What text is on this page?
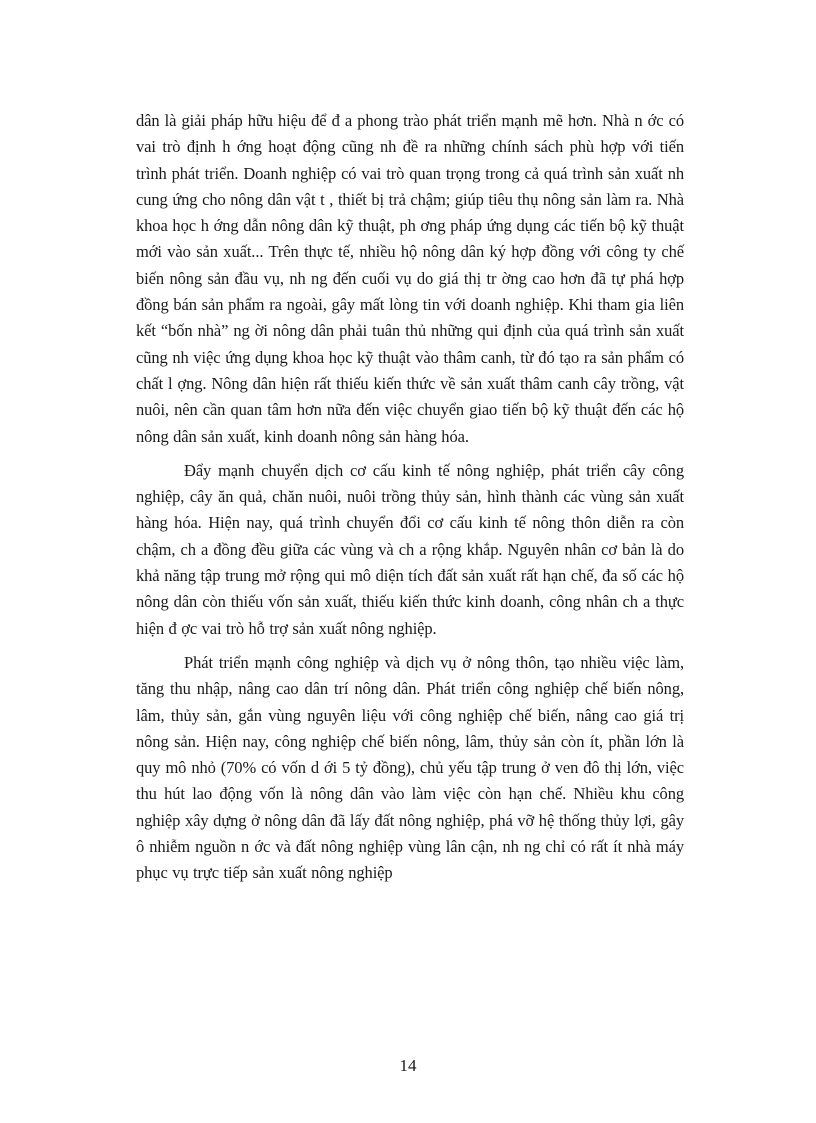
dân là giải pháp hữu hiệu để đ a phong trào phát triển mạnh mẽ hơn. Nhà n ớc có vai trò định h ớng hoạt động cũng nh đề ra những chính sách phù hợp với tiến trình phát triển. Doanh nghiệp có vai trò quan trọng trong cả quá trình sản xuất nh cung ứng cho nông dân vật t , thiết bị trả chậm; giúp tiêu thụ nông sản làm ra. Nhà khoa học h ớng dẫn nông dân kỹ thuật, ph ơng pháp ứng dụng các tiến bộ kỹ thuật mới vào sản xuất... Trên thực tế, nhiều hộ nông dân ký hợp đồng với công ty chế biến nông sản đầu vụ, nh ng đến cuối vụ do giá thị tr ờng cao hơn đã tự phá hợp đồng bán sản phẩm ra ngoài, gây mất lòng tin với doanh nghiệp. Khi tham gia liên kết “bốn nhà” ng ời nông dân phải tuân thủ những qui định của quá trình sản xuất cũng nh việc ứng dụng khoa học kỹ thuật vào thâm canh, từ đó tạo ra sản phẩm có chất l ợng. Nông dân hiện rất thiếu kiến thức về sản xuất thâm canh cây trồng, vật nuôi, nên cần quan tâm hơn nữa đến việc chuyển giao tiến bộ kỹ thuật đến các hộ nông dân sản xuất, kinh doanh nông sản hàng hóa.

Đẩy mạnh chuyển dịch cơ cấu kinh tế nông nghiệp, phát triển cây công nghiệp, cây ăn quả, chăn nuôi, nuôi trồng thủy sản, hình thành các vùng sản xuất hàng hóa. Hiện nay, quá trình chuyển đổi cơ cấu kinh tế nông thôn diễn ra còn chậm, ch a đồng đều giữa các vùng và ch a rộng khắp. Nguyên nhân cơ bản là do khả năng tập trung mở rộng qui mô diện tích đất sản xuất rất hạn chế, đa số các hộ nông dân còn thiếu vốn sản xuất, thiếu kiến thức kinh doanh, công nhân ch a thực hiện đ ợc vai trò hỗ trợ sản xuất nông nghiệp.

Phát triển mạnh công nghiệp và dịch vụ ở nông thôn, tạo nhiều việc làm, tăng thu nhập, nâng cao dân trí nông dân. Phát triển công nghiệp chế biến nông, lâm, thủy sản, gắn vùng nguyên liệu với công nghiệp chế biến, nâng cao giá trị nông sản. Hiện nay, công nghiệp chế biến nông, lâm, thủy sản còn ít, phần lớn là quy mô nhỏ (70% có vốn d ới 5 tỷ đồng), chủ yếu tập trung ở ven đô thị lớn, việc thu hút lao động vốn là nông dân vào làm việc còn hạn chế. Nhiều khu công nghiệp xây dựng ở nông dân đã lấy đất nông nghiệp, phá vỡ hệ thống thủy lợi, gây ô nhiễm nguồn n ớc và đất nông nghiệp vùng lân cận, nh ng chỉ có rất ít nhà máy phục vụ trực tiếp sản xuất nông nghiệp

14
